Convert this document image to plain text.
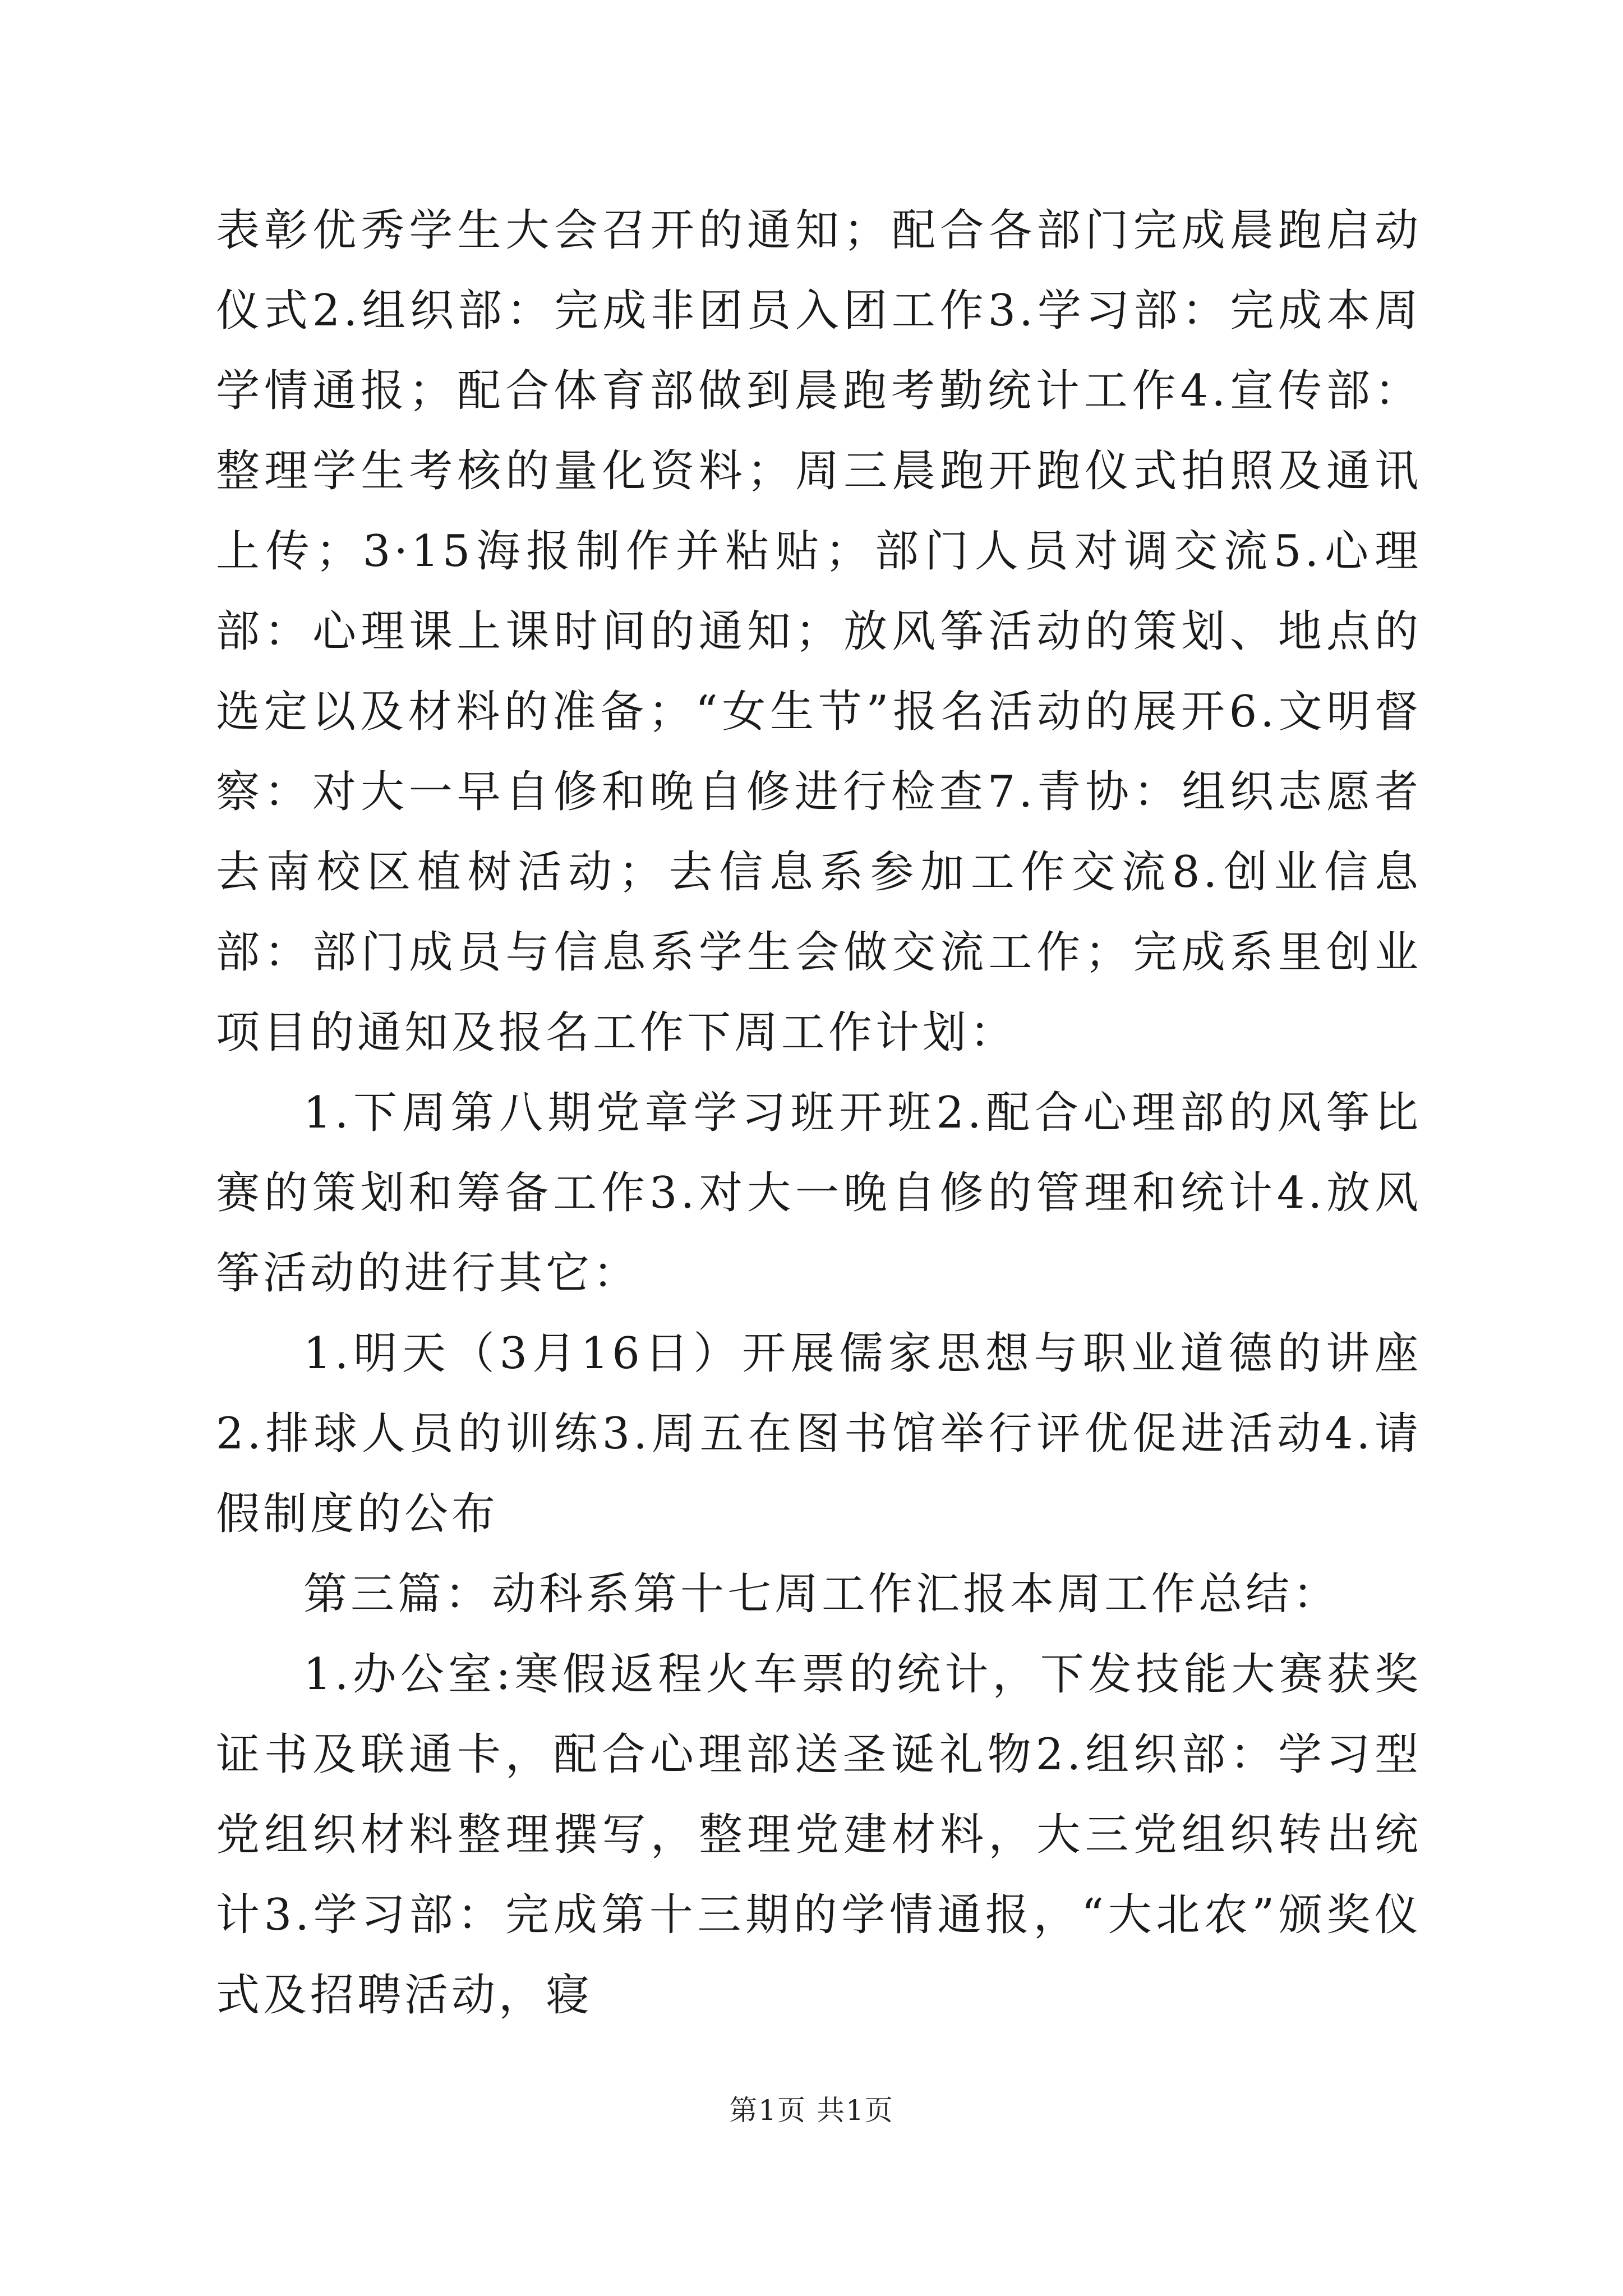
表彰优秀学生大会召开的通知；配合各部门完成晨跑启动仪式2.组织部：完成非团员入团工作3.学习部：完成本周学情通报；配合体育部做到晨跑考勤统计工作4.宣传部：整理学生考核的量化资料；周三晨跑开跑仪式拍照及通讯上传；3·15海报制作并粘贴；部门人员对调交流5.心理部：心理课上课时间的通知；放风筝活动的策划、地点的选定以及材料的准备；“女生节”报名活动的展开6.文明督察：对大一早自修和晚自修进行检查7.青协：组织志愿者去南校区植树活动；去信息系参加工作交流8.创业信息部：部门成员与信息系学生会做交流工作；完成系里创业项目的通知及报名工作下周工作计划：

1.下周第八期党章学习班开班2.配合心理部的风筝比赛的策划和筹备工作3.对大一晚自修的管理和统计4.放风筝活动的进行其它：

1.明天（3月16日）开展儒家思想与职业道德的讲座2.排球人员的训练3.周五在图书馆举行评优促进活动4.请假制度的公布

第三篇：动科系第十七周工作汇报本周工作总结：

1.办公室:寒假返程火车票的统计，下发技能大赛获奖证书及联通卡，配合心理部送圣诞礼物2.组织部：学习型党组织材料整理撰写，整理党建材料，大三党组织转出统计3.学习部：完成第十三期的学情通报，“大北农”颁奖仪式及招聘活动，寝

第1页 共1页
